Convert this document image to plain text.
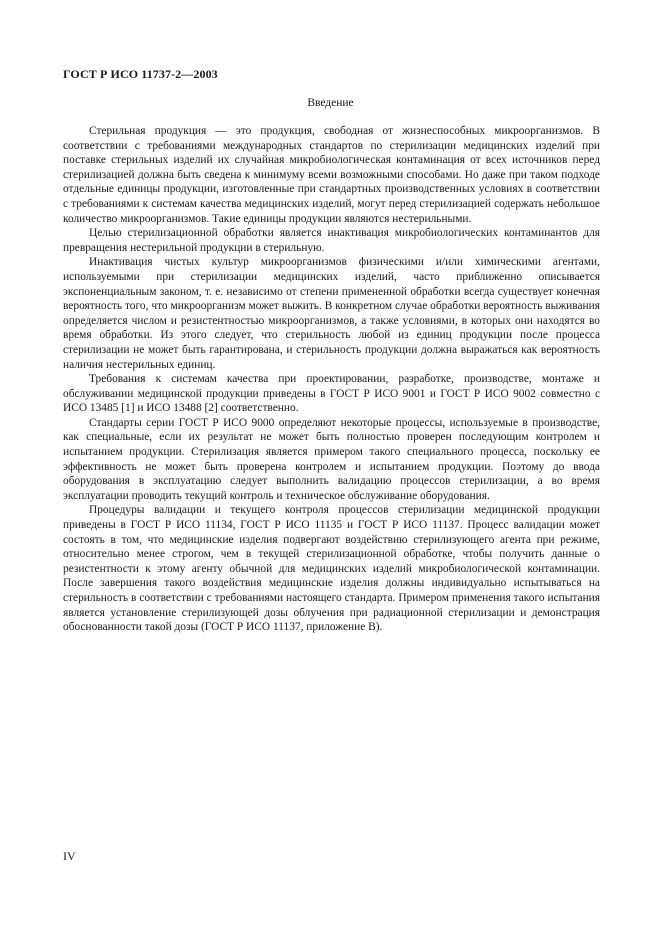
ГОСТ Р ИСО 11737-2—2003
Введение

Стерильная продукция — это продукция, свободная от жизнеспособных микроорганизмов. В соответствии с требованиями международных стандартов по стерилизации медицинских изделий при поставке стерильных изделий их случайная микробиологическая контаминация от всех источников перед стерилизацией должна быть сведена к минимуму всеми возможными способами. Но даже при таком подходе отдельные единицы продукции, изготовленные при стандартных производственных условиях в соответствии с требованиями к системам качества медицинских изделий, могут перед стерилизацией содержать небольшое количество микроорганизмов. Такие единицы продукции являются нестерильными.

Целью стерилизационной обработки является инактивация микробиологических контаминантов для превращения нестерильной продукции в стерильную.

Инактивация чистых культур микроорганизмов физическими и/или химическими агентами, используемыми при стерилизации медицинских изделий, часто приближенно описывается экспоненциальным законом, т. е. независимо от степени примененной обработки всегда существует конечная вероятность того, что микроорганизм может выжить. В конкретном случае обработки вероятность выживания определяется числом и резистентностью микроорганизмов, а также условиями, в которых они находятся во время обработки. Из этого следует, что стерильность любой из единиц продукции после процесса стерилизации не может быть гарантирована, и стерильность продукции должна выражаться как вероятность наличия нестерильных единиц.

Требования к системам качества при проектировании, разработке, производстве, монтаже и обслуживании медицинской продукции приведены в ГОСТ Р ИСО 9001 и ГОСТ Р ИСО 9002 совместно с ИСО 13485 [1] и ИСО 13488 [2] соответственно.

Стандарты серии ГОСТ Р ИСО 9000 определяют некоторые процессы, используемые в производстве, как специальные, если их результат не может быть полностью проверен последующим контролем и испытанием продукции. Стерилизация является примером такого специального процесса, поскольку ее эффективность не может быть проверена контролем и испытанием продукции. Поэтому до ввода оборудования в эксплуатацию следует выполнить валидацию процессов стерилизации, а во время эксплуатации проводить текущий контроль и техническое обслуживание оборудования.

Процедуры валидации и текущего контроля процессов стерилизации медицинской продукции приведены в ГОСТ Р ИСО 11134, ГОСТ Р ИСО 11135 и ГОСТ Р ИСО 11137. Процесс валидации может состоять в том, что медицинские изделия подвергают воздействию стерилизующего агента при режиме, относительно менее строгом, чем в текущей стерилизационной обработке, чтобы получить данные о резистентности к этому агенту обычной для медицинских изделий микробиологической контаминации. После завершения такого воздействия медицинские изделия должны индивидуально испытываться на стерильность в соответствии с требованиями настоящего стандарта. Примером применения такого испытания является установление стерилизующей дозы облучения при радиационной стерилизации и демонстрация обоснованности такой дозы (ГОСТ Р ИСО 11137, приложение В).

IV
